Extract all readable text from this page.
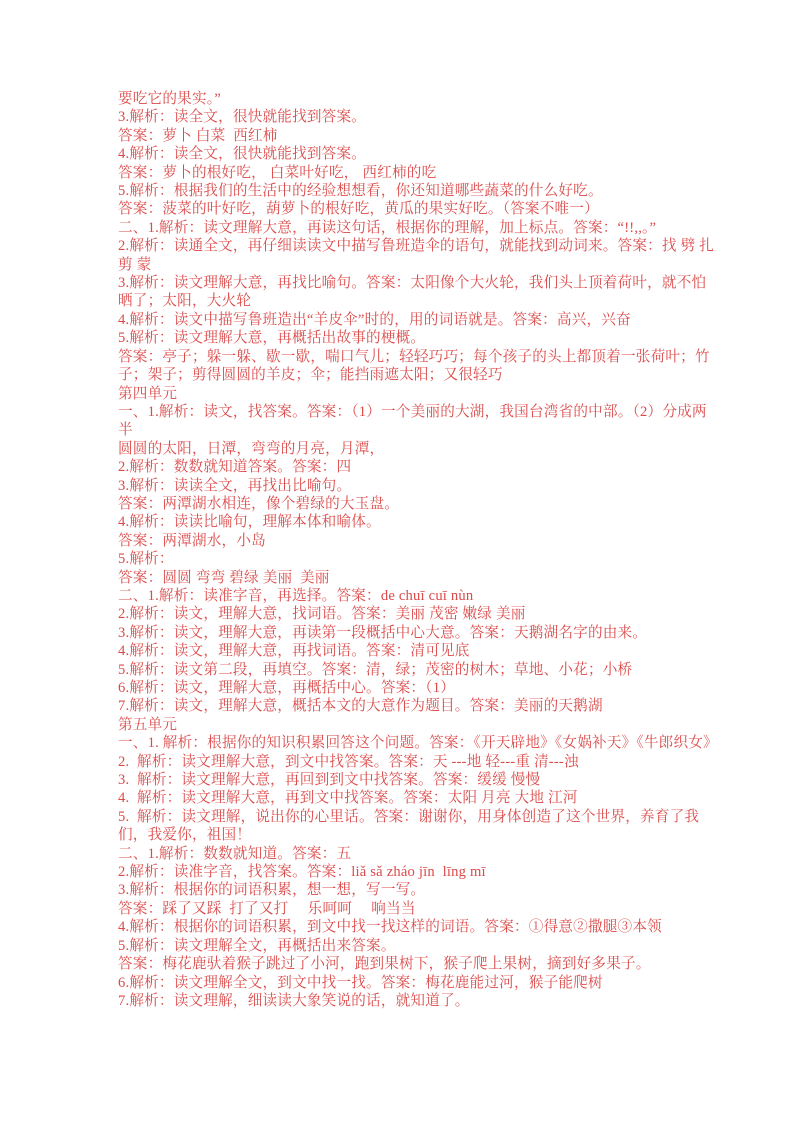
要吃它的果实。”
3.解析：读全文，很快就能找到答案。
答案：萝卜 白菜  西红柿
4.解析：读全文，很快就能找到答案。
答案：萝卜的根好吃， 白菜叶好吃， 西红柿的吃
5.解析：根据我们的生活中的经验想想看，你还知道哪些蔬菜的什么好吃。
答案：菠菜的叶好吃，葫萝卜的根好吃，黄瓜的果实好吃。（答案不唯一）
二、1.解析：读文理解大意，再读这句话，根据你的理解，加上标点。答案：“!!,,。”
2.解析：读通全文，再仔细读读文中描写鲁班造伞的语句，就能找到动词来。答案：找 劈 扎
剪 蒙
3.解析：读文理解大意，再找比喻句。答案：太阳像个大火轮，我们头上顶着荷叶，就不怕
晒了；太阳，大火轮
4.解析：读文中描写鲁班造出“羊皮伞”时的，用的词语就是。答案：高兴，兴奋
5.解析：读文理解大意，再概括出故事的梗概。
答案：亭子；躲一躲、歇一歇，喘口气儿；轻轻巧巧；每个孩子的头上都顶着一张荷叶；竹
子；架子；剪得圆圆的羊皮；伞；能挡雨遮太阳；又很轻巧
第四单元
一、1.解析：读文，找答案。答案：（1）一个美丽的大湖，我国台湾省的中部。（2）分成两
半
圆圆的太阳，日潭，弯弯的月亮，月潭，
2.解析：数数就知道答案。答案：四
3.解析：读读全文，再找出比喻句。
答案：两潭湖水相连，像个碧绿的大玉盘。
4.解析：读读比喻句，理解本体和喻体。
答案：两潭湖水，小岛
5.解析：
答案：圆圆 弯弯 碧绿 美丽  美丽
二、1.解析：读准字音，再选择。答案：de chuī cuī nùn
2.解析：读文，理解大意，找词语。答案：美丽 茂密 嫩绿 美丽
3.解析：读文，理解大意，再读第一段概括中心大意。答案：天鹅湖名字的由来。
4.解析：读文，理解大意，再找词语。答案：清可见底
5.解析：读文第二段，再填空。答案：清，绿；茂密的树木；草地、小花；小桥
6.解析：读文，理解大意，再概括中心。答案：（1）
7.解析：读文，理解大意，概括本文的大意作为题目。答案：美丽的天鹅湖
第五单元
一、1. 解析：根据你的知识积累回答这个问题。答案：《开天辟地》《女娲补天》《牛郎织女》
2.  解析：读文理解大意，到文中找答案。答案：天 ---地 轻---重 清---浊
3.  解析：读文理解大意，再回到到文中找答案。答案：缓缓 慢慢
4.  解析：读文理解大意，再到文中找答案。答案：太阳 月亮 大地 江河
5.  解析：读文理解，说出你的心里话。答案：谢谢你，用身体创造了这个世界，养育了我
们，我爱你，祖国！
二、1.解析：数数就知道。答案：五
2.解析：读准字音，找答案。答案：liǎ sǎ zháo jīn  līng mī
3.解析：根据你的词语积累，想一想，写一写。
答案：踩了又踩  打了又打     乐呵呵     响当当
4.解析：根据你的词语积累，到文中找一找这样的词语。答案：①得意②撒腿③本领
5.解析：读文理解全文，再概括出来答案。
答案：梅花鹿驮着猴子跳过了小河，跑到果树下，猴子爬上果树，摘到好多果子。
6.解析：读文理解全文，到文中找一找。答案：梅花鹿能过河，猴子能爬树
7.解析：读文理解，细读读大象笑说的话，就知道了。
